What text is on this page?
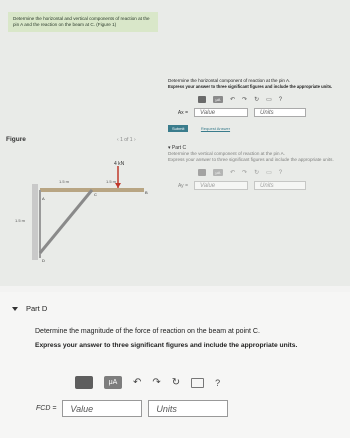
Determine the horizontal and vertical components of reaction at the pin A and the reaction on the beam at C. (Figure 1)
Figure	‹ 1 of 1 ›
4 kN
1.5 m	1.5 m
1.5 m
B
A
C
D
Determine the horizontal component of reaction at the pin A.
Express your answer to three significant figures and include the appropriate units.
μA	↶ ↷ ↻ ▭ ?
Ax =	Value	Units
Submit	Request Answer
▾ Part C
Determine the vertical component of reaction at the pin A.
Express your answer to three significant figures and include the appropriate units.
μA	↶ ↷ ↻ ▭ ?
Ay =	Value	Units
Part D
Determine the magnitude of the force of reaction on the beam at point C.
Express your answer to three significant figures and include the appropriate units.
μA	↶ ↷ ↻	?
FCD =	Value	Units
